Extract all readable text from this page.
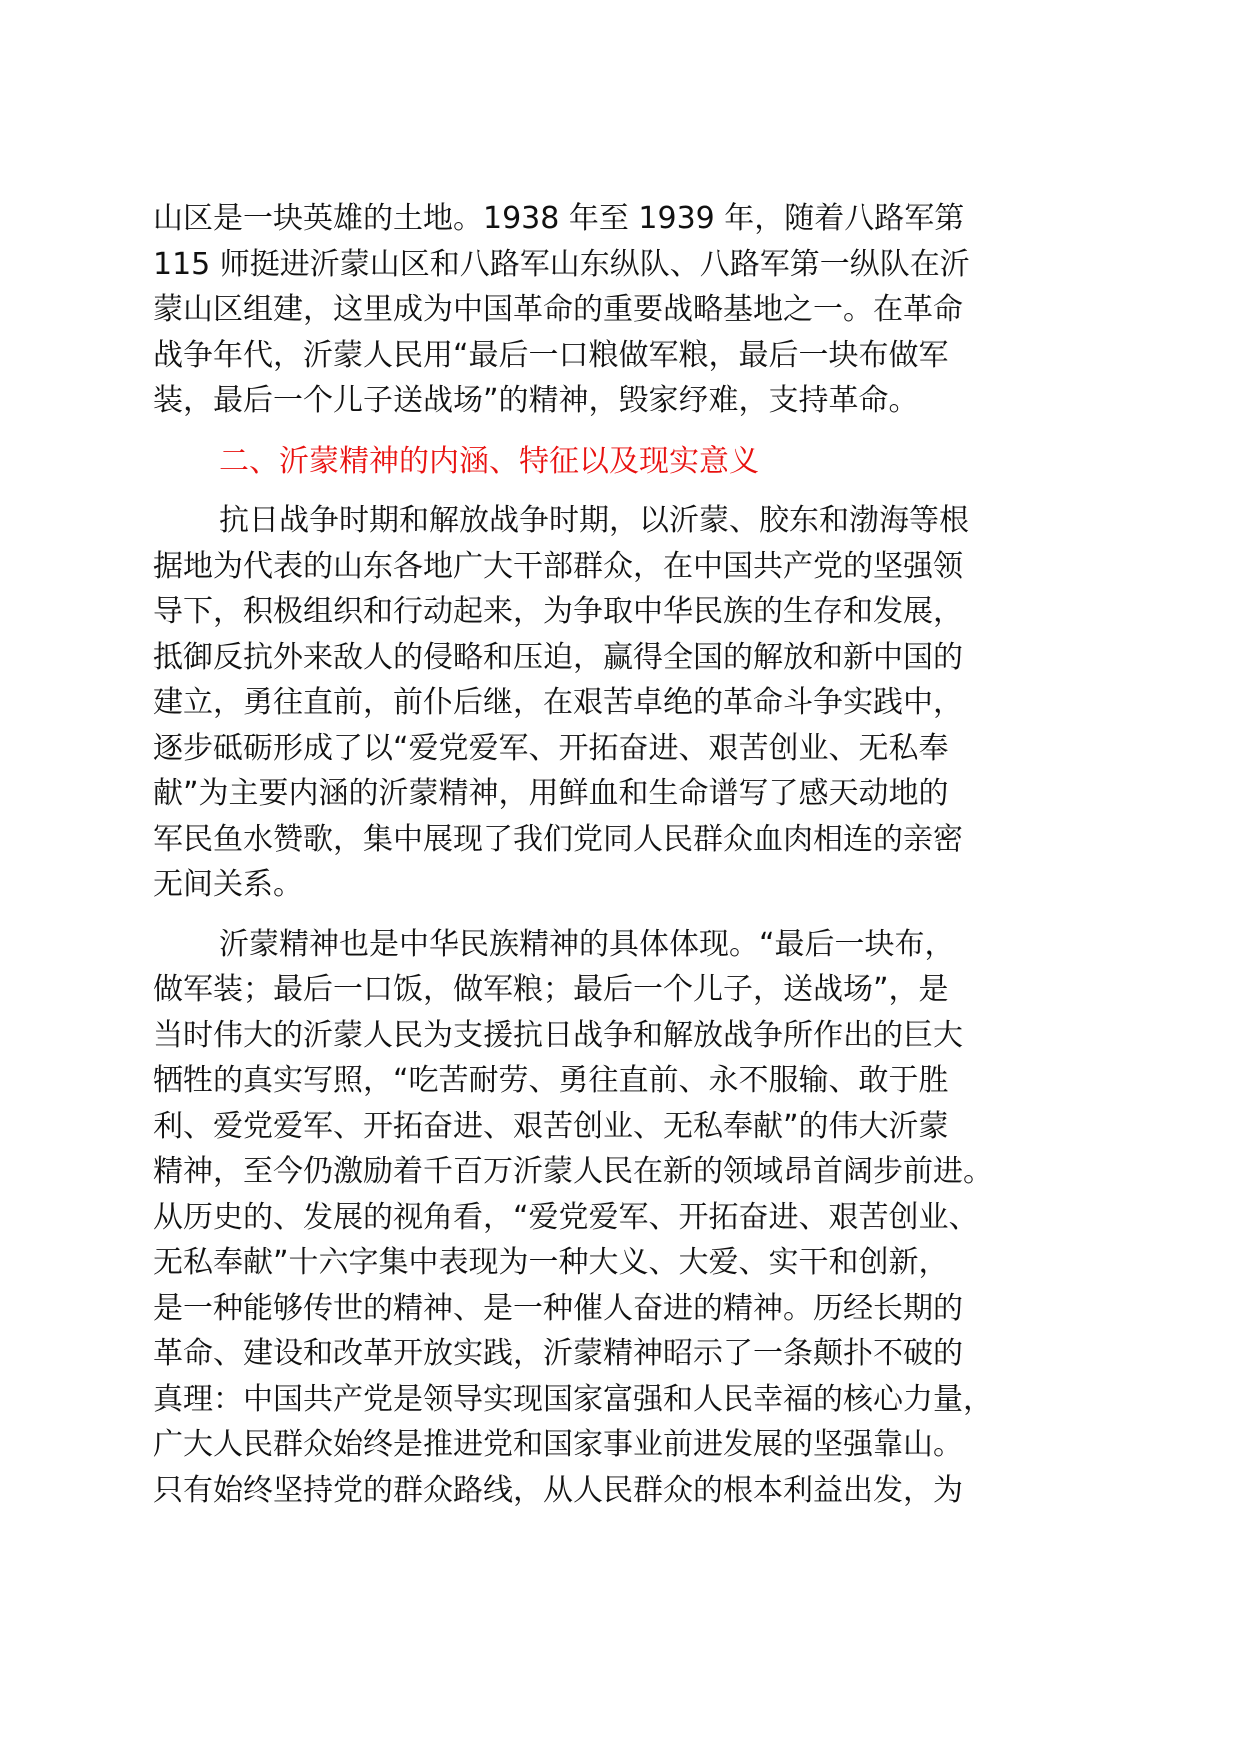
山区是一块英雄的土地。1938 年至 1939 年，随着八路军第
115 师挺进沂蒙山区和八路军山东纵队、八路军第一纵队在沂
蒙山区组建，这里成为中国革命的重要战略基地之一。在革命
战争年代，沂蒙人民用“最后一口粮做军粮，最后一块布做军
装，最后一个儿子送战场”的精神，毁家纾难，支持革命。
二、沂蒙精神的内涵、特征以及现实意义
抗日战争时期和解放战争时期，以沂蒙、胶东和渤海等根
据地为代表的山东各地广大干部群众，在中国共产党的坚强领
导下，积极组织和行动起来，为争取中华民族的生存和发展，
抵御反抗外来敌人的侵略和压迫，赢得全国的解放和新中国的
建立，勇往直前，前仆后继，在艰苦卓绝的革命斗争实践中，
逐步砥砺形成了以“爱党爱军、开拓奋进、艰苦创业、无私奉
献”为主要内涵的沂蒙精神，用鲜血和生命谱写了感天动地的
军民鱼水赞歌，集中展现了我们党同人民群众血肉相连的亲密
无间关系。
沂蒙精神也是中华民族精神的具体体现。“最后一块布，
做军装；最后一口饭，做军粮；最后一个儿子，送战场”，是
当时伟大的沂蒙人民为支援抗日战争和解放战争所作出的巨大
牺牲的真实写照，“吃苦耐劳、勇往直前、永不服输、敢于胜
利、爱党爱军、开拓奋进、艰苦创业、无私奉献”的伟大沂蒙
精神，至今仍激励着千百万沂蒙人民在新的领域昂首阔步前进。
从历史的、发展的视角看，“爱党爱军、开拓奋进、艰苦创业、
无私奉献”十六字集中表现为一种大义、大爱、实干和创新，
是一种能够传世的精神、是一种催人奋进的精神。历经长期的
革命、建设和改革开放实践，沂蒙精神昭示了一条颠扑不破的
真理：中国共产党是领导实现国家富强和人民幸福的核心力量，
广大人民群众始终是推进党和国家事业前进发展的坚强靠山。
只有始终坚持党的群众路线，从人民群众的根本利益出发，为
